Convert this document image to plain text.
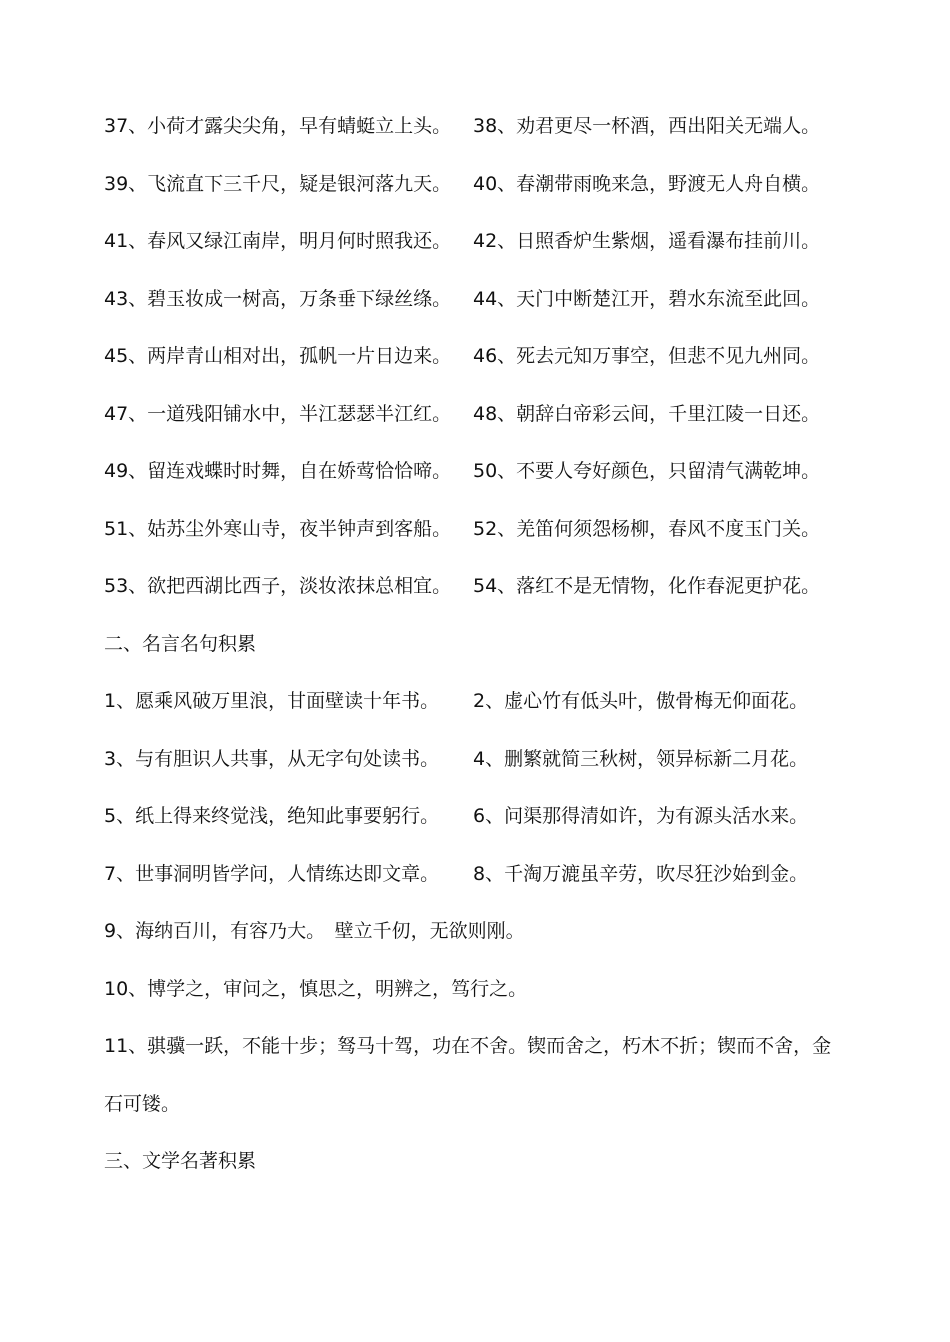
37、小荷才露尖尖角，早有蜻蜓立上头。 38、劝君更尽一杯酒，西出阳关无端人。
39、飞流直下三千尺，疑是银河落九天。 40、春潮带雨晚来急，野渡无人舟自横。
41、春风又绿江南岸，明月何时照我还。 42、日照香炉生紫烟，遥看瀑布挂前川。
43、碧玉妆成一树高，万条垂下绿丝绦。 44、天门中断楚江开，碧水东流至此回。
45、两岸青山相对出，孤帆一片日边来。 46、死去元知万事空，但悲不见九州同。
47、一道残阳铺水中，半江瑟瑟半江红。 48、朝辞白帝彩云间，千里江陵一日还。
49、留连戏蝶时时舞，自在娇莺恰恰啼。 50、不要人夸好颜色，只留清气满乾坤。
51、姑苏尘外寒山寺，夜半钟声到客船。 52、羌笛何须怨杨柳，春风不度玉门关。
53、欲把西湖比西子，淡妆浓抹总相宜。 54、落红不是无情物，化作春泥更护花。
二、名言名句积累
1、愿乘风破万里浪，甘面壁读十年书。 2、虚心竹有低头叶，傲骨梅无仰面花。
3、与有胆识人共事，从无字句处读书。 4、删繁就简三秋树，领异标新二月花。
5、纸上得来终觉浅，绝知此事要躬行。 6、问渠那得清如许，为有源头活水来。
7、世事洞明皆学问，人情练达即文章。 8、千淘万漉虽辛劳，吹尽狂沙始到金。
9、海纳百川，有容乃大。　壁立千仞，无欲则刚。
10、博学之，审问之，慎思之，明辨之，笃行之。
11、骐骥一跃，不能十步；驽马十驾，功在不舍。锲而舍之，朽木不折；锲而不舍，金
石可镂。
三、文学名著积累
